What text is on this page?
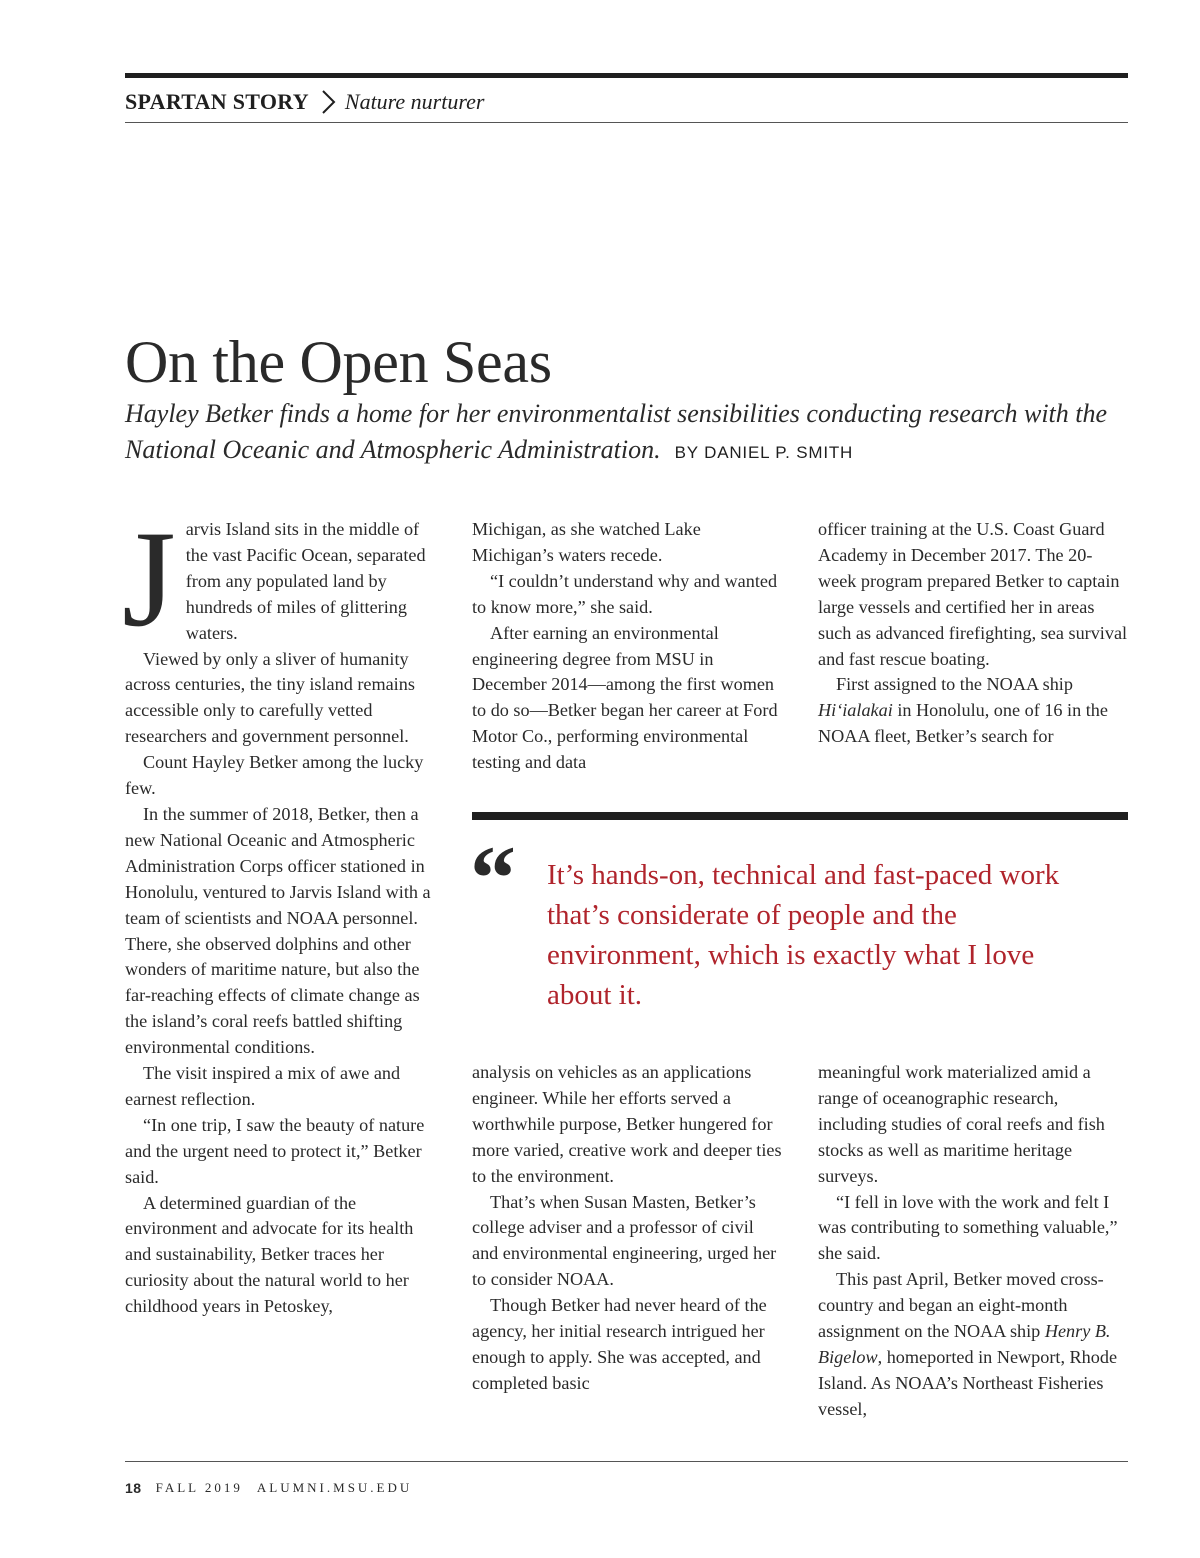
SPARTAN STORY Nature nurturer
On the Open Seas

Hayley Betker finds a home for her environmentalist sensibilities conducting research with the National Oceanic and Atmospheric Administration. BY DANIEL P. SMITH

Jarvis Island sits in the middle of the vast Pacific Ocean, separated from any populated land by hundreds of miles of glittering waters.

Viewed by only a sliver of humanity across centuries, the tiny island remains accessible only to carefully vetted researchers and government personnel.

Count Hayley Betker among the lucky few.

In the summer of 2018, Betker, then a new National Oceanic and Atmospheric Administration Corps officer stationed in Honolulu, ventured to Jarvis Island with a team of scientists and NOAA personnel. There, she observed dolphins and other wonders of maritime nature, but also the far-reaching effects of climate change as the island’s coral reefs battled shifting environmental conditions.

The visit inspired a mix of awe and earnest reflection.

“In one trip, I saw the beauty of nature and the urgent need to protect it,” Betker said.

A determined guardian of the environment and advocate for its health and sustainability, Betker traces her curiosity about the natural world to her childhood years in Petoskey,

Michigan, as she watched Lake Michigan’s waters recede.

“I couldn’t understand why and wanted to know more,” she said.

After earning an environmental engineering degree from MSU in December 2014—among the first women to do so—Betker began her career at Ford Motor Co., performing environmental testing and data

officer training at the U.S. Coast Guard Academy in December 2017. The 20-week program prepared Betker to captain large vessels and certified her in areas such as advanced firefighting, sea survival and fast rescue boating.

First assigned to the NOAA ship Hi‘ialakai in Honolulu, one of 16 in the NOAA fleet, Betker’s search for

“ It’s hands-on, technical and fast-paced work that’s considerate of people and the environment, which is exactly what I love about it.

analysis on vehicles as an applications engineer. While her efforts served a worthwhile purpose, Betker hungered for more varied, creative work and deeper ties to the environment.

That’s when Susan Masten, Betker’s college adviser and a professor of civil and environmental engineering, urged her to consider NOAA.

Though Betker had never heard of the agency, her initial research intrigued her enough to apply. She was accepted, and completed basic

meaningful work materialized amid a range of oceanographic research, including studies of coral reefs and fish stocks as well as maritime heritage surveys.

“I fell in love with the work and felt I was contributing to something valuable,” she said.

This past April, Betker moved cross-country and began an eight-month assignment on the NOAA ship Henry B. Bigelow, homeported in Newport, Rhode Island. As NOAA’s Northeast Fisheries vessel,

18 FALL 2019 ALUMNI.MSU.EDU
